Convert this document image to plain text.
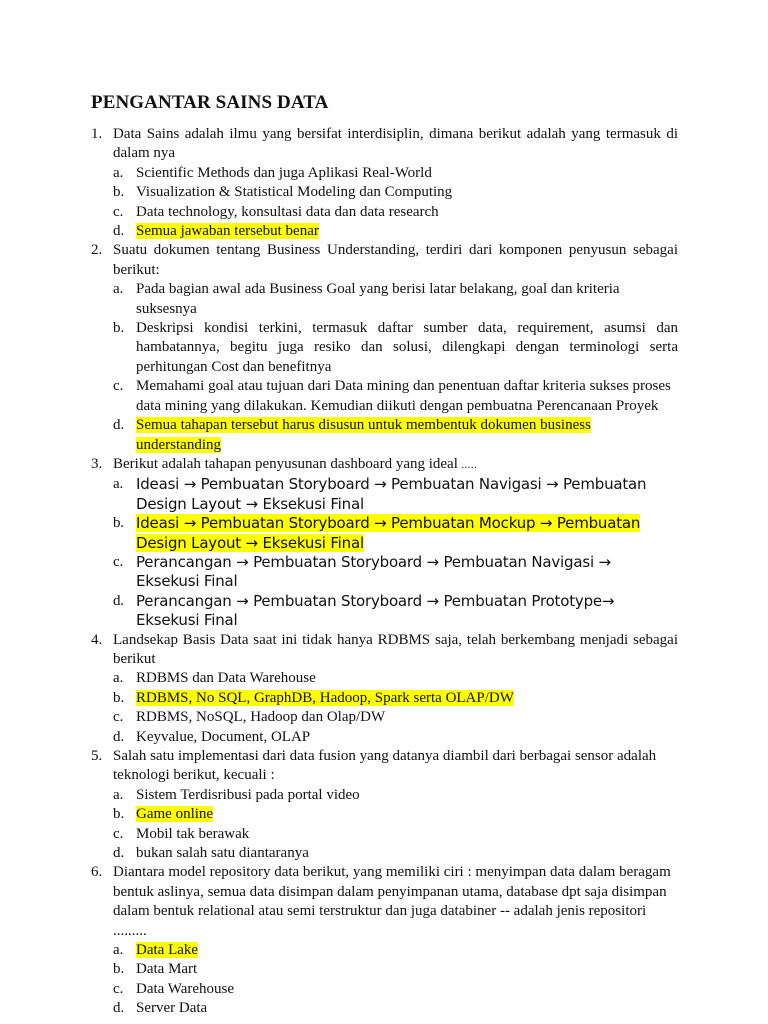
PENGANTAR SAINS DATA
1. Data Sains adalah ilmu yang bersifat interdisiplin, dimana berikut adalah yang termasuk di dalam nya
a. Scientific Methods dan juga Aplikasi Real-World
b. Visualization & Statistical Modeling dan Computing
c. Data technology, konsultasi data dan data research
d. Semua jawaban tersebut benar
2. Suatu dokumen tentang Business Understanding, terdiri dari komponen penyusun sebagai berikut:
a. Pada bagian awal ada Business Goal yang berisi latar belakang, goal dan kriteria suksesnya
b. Deskripsi kondisi terkini, termasuk daftar sumber data, requirement, asumsi dan hambatannya, begitu juga resiko dan solusi, dilengkapi dengan terminologi serta perhitungan Cost dan benefitnya
c. Memahami goal atau tujuan dari Data mining dan penentuan daftar kriteria sukses proses data mining yang dilakukan. Kemudian diikuti dengan pembuatna Perencanaan Proyek
d. Semua tahapan tersebut harus disusun untuk membentuk dokumen business understanding
3. Berikut adalah tahapan penyusunan dashboard yang ideal .....
a. Ideasi → Pembuatan Storyboard → Pembuatan Navigasi → Pembuatan Design Layout → Eksekusi Final
b. Ideasi → Pembuatan Storyboard → Pembuatan Mockup → Pembuatan Design Layout → Eksekusi Final
c. Perancangan → Pembuatan Storyboard → Pembuatan Navigasi → Eksekusi Final
d. Perancangan → Pembuatan Storyboard → Pembuatan Prototype→ Eksekusi Final
4. Landsekap Basis Data saat ini tidak hanya RDBMS saja, telah berkembang menjadi sebagai berikut
a. RDBMS dan Data Warehouse
b. RDBMS, No SQL, GraphDB, Hadoop, Spark serta OLAP/DW
c. RDBMS, NoSQL, Hadoop dan Olap/DW
d. Keyvalue, Document, OLAP
5. Salah satu implementasi dari data fusion yang datanya diambil dari berbagai sensor adalah teknologi berikut, kecuali :
a. Sistem Terdisribusi pada portal video
b. Game online
c. Mobil tak berawak
d. bukan salah satu diantaranya
6. Diantara model repository data berikut, yang memiliki ciri : menyimpan data dalam beragam bentuk aslinya, semua data disimpan dalam penyimpanan utama, database dpt saja disimpan dalam bentuk relational atau semi terstruktur dan juga databiner -- adalah jenis repositori .........
a. Data Lake
b. Data Mart
c. Data Warehouse
d. Server Data
